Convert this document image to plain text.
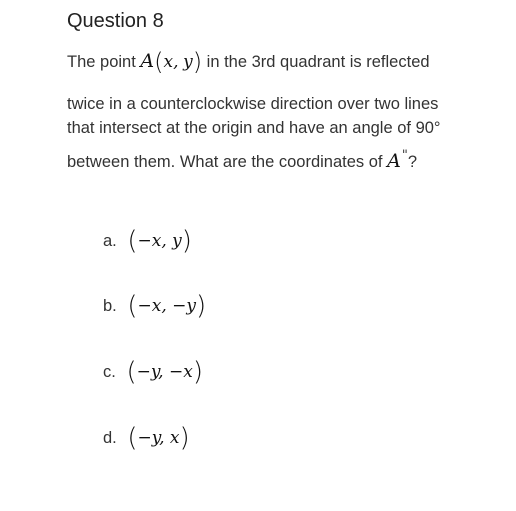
Question 8
The point A(x, y) in the 3rd quadrant is reflected
twice in a counterclockwise direction over two lines
that intersect at the origin and have an angle of 90°
between them. What are the coordinates of A"?
a. (−x, y)
b. (−x, −y)
c. (−y, −x)
d. (−y, x)
